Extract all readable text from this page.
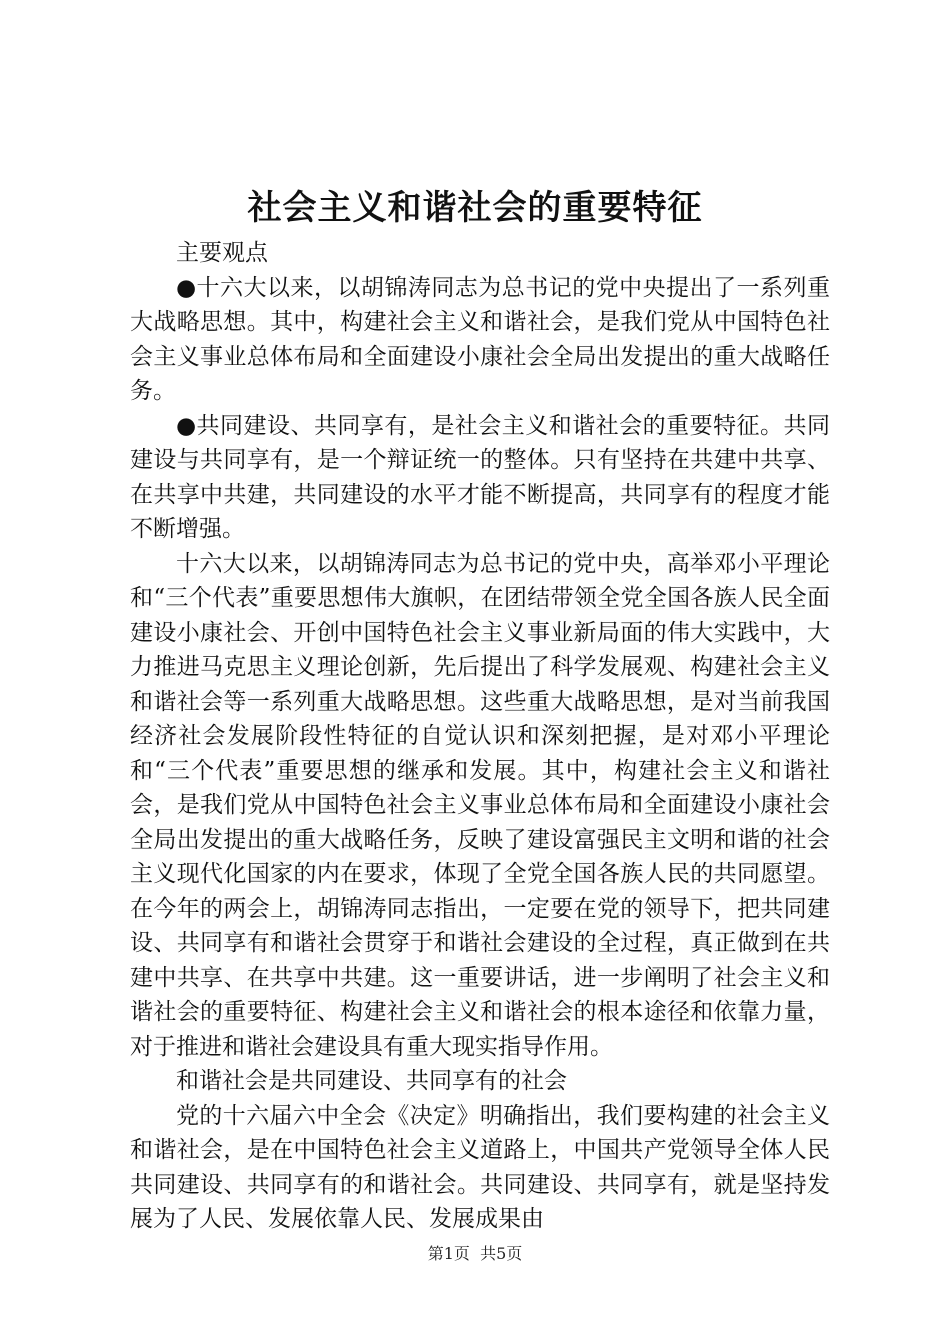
社会主义和谐社会的重要特征

主要观点

●十六大以来，以胡锦涛同志为总书记的党中央提出了一系列重大战略思想。其中，构建社会主义和谐社会，是我们党从中国特色社会主义事业总体布局和全面建设小康社会全局出发提出的重大战略任务。

●共同建设、共同享有，是社会主义和谐社会的重要特征。共同建设与共同享有，是一个辩证统一的整体。只有坚持在共建中共享、在共享中共建，共同建设的水平才能不断提高，共同享有的程度才能不断增强。

十六大以来，以胡锦涛同志为总书记的党中央，高举邓小平理论和“三个代表”重要思想伟大旗帜，在团结带领全党全国各族人民全面建设小康社会、开创中国特色社会主义事业新局面的伟大实践中，大力推进马克思主义理论创新，先后提出了科学发展观、构建社会主义和谐社会等一系列重大战略思想。这些重大战略思想，是对当前我国经济社会发展阶段性特征的自觉认识和深刻把握，是对邓小平理论和“三个代表”重要思想的继承和发展。其中，构建社会主义和谐社会，是我们党从中国特色社会主义事业总体布局和全面建设小康社会全局出发提出的重大战略任务，反映了建设富强民主文明和谐的社会主义现代化国家的内在要求，体现了全党全国各族人民的共同愿望。在今年的两会上，胡锦涛同志指出，一定要在党的领导下，把共同建设、共同享有和谐社会贯穿于和谐社会建设的全过程，真正做到在共建中共享、在共享中共建。这一重要讲话，进一步阐明了社会主义和谐社会的重要特征、构建社会主义和谐社会的根本途径和依靠力量，对于推进和谐社会建设具有重大现实指导作用。

和谐社会是共同建设、共同享有的社会

党的十六届六中全会《决定》明确指出，我们要构建的社会主义和谐社会，是在中国特色社会主义道路上，中国共产党领导全体人民共同建设、共同享有的和谐社会。共同建设、共同享有，就是坚持发展为了人民、发展依靠人民、发展成果由

第1页 共5页
